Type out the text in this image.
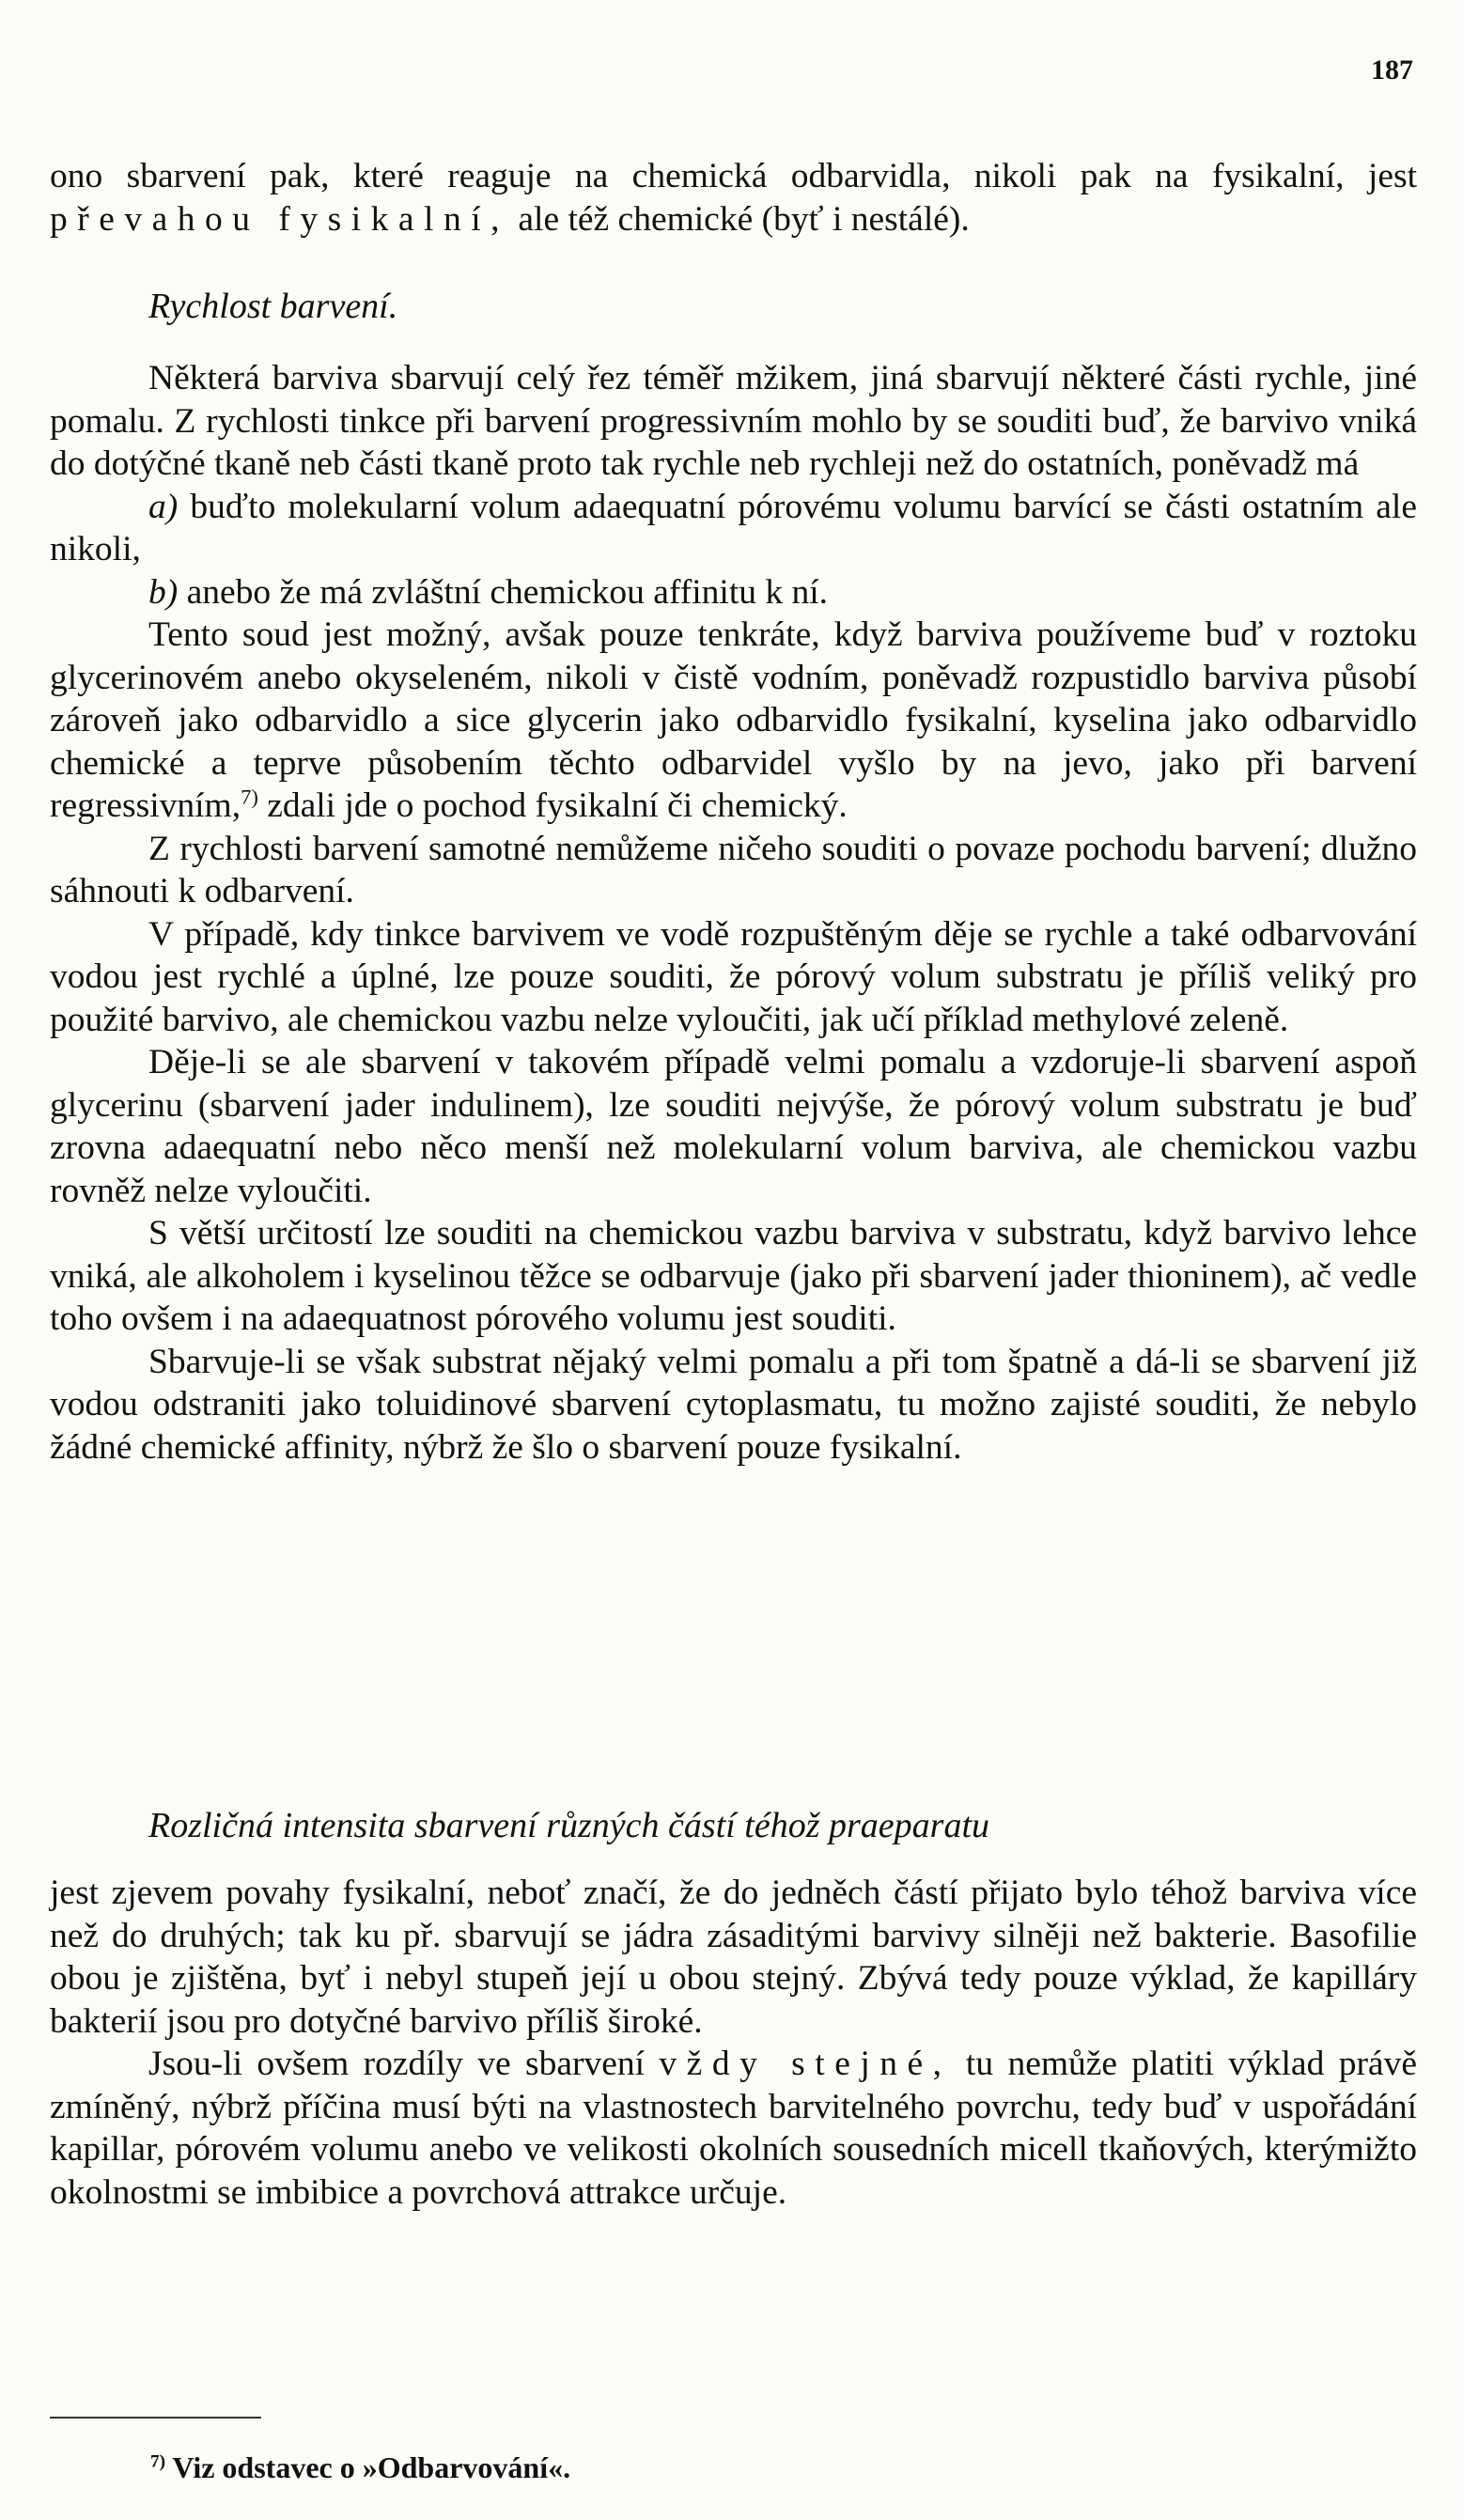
187

ono sbarvení pak, které reaguje na chemická odbarvidla, nikoli pak na fysikalní, jest převahou fysikalní, ale též chemické (byť i nestálé).

Rychlost barvení.

Některá barviva sbarvují celý řez téměř mžikem, jiná sbarvují některé části rychle, jiné pomalu. Z rychlosti tinkce při barvení progressivním mohlo by se souditi buď, že barvivo vniká do dotýčné tkaně neb části tkaně proto tak rychle neb rychleji než do ostatních, poněvadž má

a) buďto molekularní volum adaequatní pórovému volumu barvící se části ostatním ale nikoli,

b) anebo že má zvláštní chemickou affinitu k ní.

Tento soud jest možný, avšak pouze tenkráte, když barviva používeme buď v roztoku glycerinovém anebo okyseleném, nikoli v čistě vodním, poněvadž rozpustidlo barviva působí zároveň jako odbarvidlo a sice glycerin jako odbarvidlo fysikalní, kyselina jako odbarvidlo chemické a teprve působením těchto odbarvidel vyšlo by na jevo, jako při barvení regressivním,$^{7)}$ zdali jde o pochod fysikalní či chemický.

Z rychlosti barvení samotné nemůžeme ničeho souditi o povaze pochodu barvení; dlužno sáhnouti k odbarvení.

V případě, kdy tinkce barvivem ve vodě rozpuštěným děje se rychle a také odbarvování vodou jest rychlé a úplné, lze pouze souditi, že pórový volum substratu je příliš veliký pro použité barvivo, ale chemickou vazbu nelze vyloučiti, jak učí příklad methylové zeleně.

Děje-li se ale sbarvení v takovém případě velmi pomalu a vzdoruje-li sbarvení aspoň glycerinu (sbarvení jader indulinem), lze souditi nejvýše, že pórový volum substratu je buď zrovna adaequatní nebo něco menší než molekularní volum barviva, ale chemickou vazbu rovněž nelze vyloučiti.

S větší určitostí lze souditi na chemickou vazbu barviva v substratu, když barvivo lehce vniká, ale alkoholem i kyselinou těžce se odbarvuje (jako při sbarvení jader thioninem), ač vedle toho ovšem i na adaequatnost pórového volumu jest souditi.

Sbarvuje-li se však substrat nějaký velmi pomalu a při tom špatně a dá-li se sbarvení již vodou odstraniti jako toluidinové sbarvení cytoplasmatu, tu možno zajisté souditi, že nebylo žádné chemické affinity, nýbrž že šlo o sbarvení pouze fysikalní.

Rozličná intensita sbarvení různých částí téhož praeparatu

jest zjevem povahy fysikalní, neboť značí, že do jedněch částí přijato bylo téhož barviva více než do druhých; tak ku př. sbarvují se jádra zásaditými barvivy silněji než bakterie. Basofilie obou je zjištěna, byť i nebyl stupeň její u obou stejný. Zbývá tedy pouze výklad, že kapilláry bakterií jsou pro dotyčné barvivo příliš široké.

Jsou-li ovšem rozdíly ve sbarvení vždy stejné, tu nemůže platiti výklad právě zmíněný, nýbrž příčina musí býti na vlastnostech barvitelného povrchu, tedy buď v uspořádání kapillar, pórovém volumu anebo ve velikosti okolních sousedních micell tkaňových, kterýmižto okolnostmi se imbibice a povrchová attrakce určuje.

$^{7)}$ Viz odstavec o »Odbarvování«.
